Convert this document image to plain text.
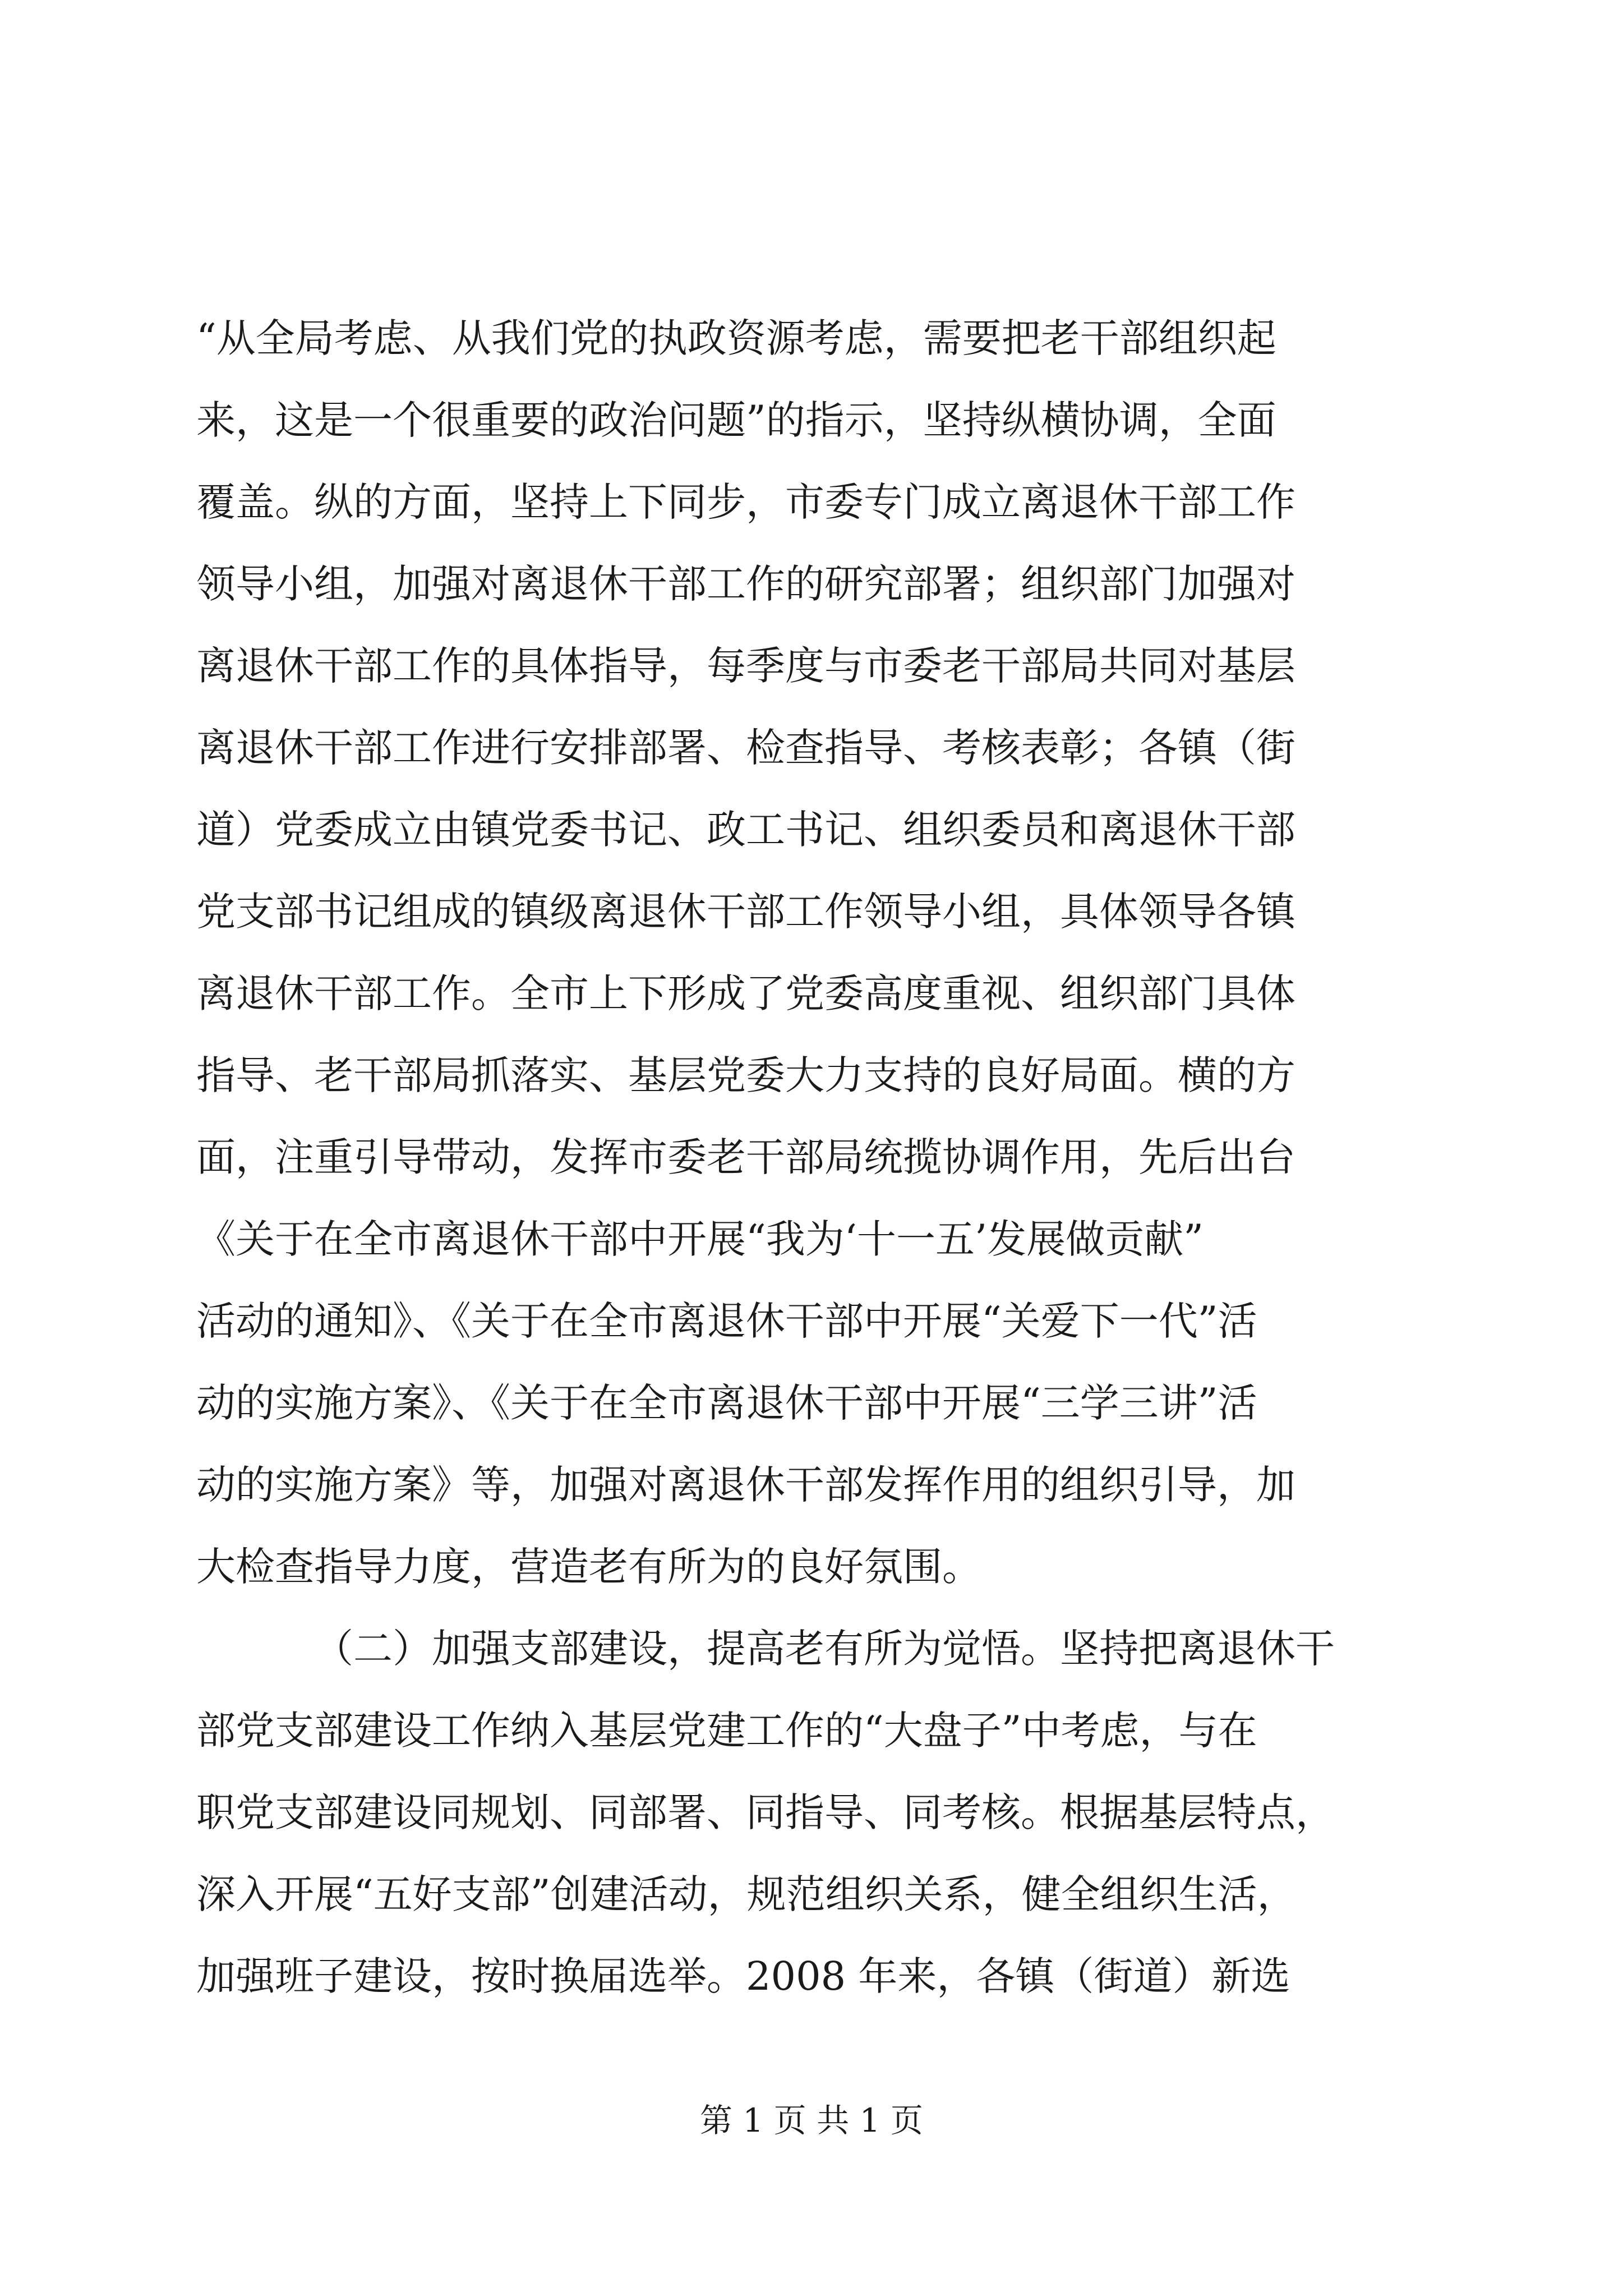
“从全局考虑、从我们党的执政资源考虑，需要把老干部组织起
来，这是一个很重要的政治问题”的指示，坚持纵横协调，全面
覆盖。纵的方面，坚持上下同步，市委专门成立离退休干部工作
领导小组，加强对离退休干部工作的研究部署；组织部门加强对
离退休干部工作的具体指导，每季度与市委老干部局共同对基层
离退休干部工作进行安排部署、检查指导、考核表彰；各镇（街
道）党委成立由镇党委书记、政工书记、组织委员和离退休干部
党支部书记组成的镇级离退休干部工作领导小组，具体领导各镇
离退休干部工作。全市上下形成了党委高度重视、组织部门具体
指导、老干部局抓落实、基层党委大力支持的良好局面。横的方
面，注重引导带动，发挥市委老干部局统揽协调作用，先后出台
《关于在全市离退休干部中开展“我为‘十一五’发展做贡献”
活动的通知》、《关于在全市离退休干部中开展“关爱下一代”活
动的实施方案》、《关于在全市离退休干部中开展“三学三讲”活
动的实施方案》等，加强对离退休干部发挥作用的组织引导，加
大检查指导力度，营造老有所为的良好氛围。
（二）加强支部建设，提高老有所为觉悟。坚持把离退休干
部党支部建设工作纳入基层党建工作的“大盘子”中考虑，与在
职党支部建设同规划、同部署、同指导、同考核。根据基层特点，
深入开展“五好支部”创建活动，规范组织关系，健全组织生活，
加强班子建设，按时换届选举。2008 年来，各镇（街道）新选
第 1 页 共 1 页
